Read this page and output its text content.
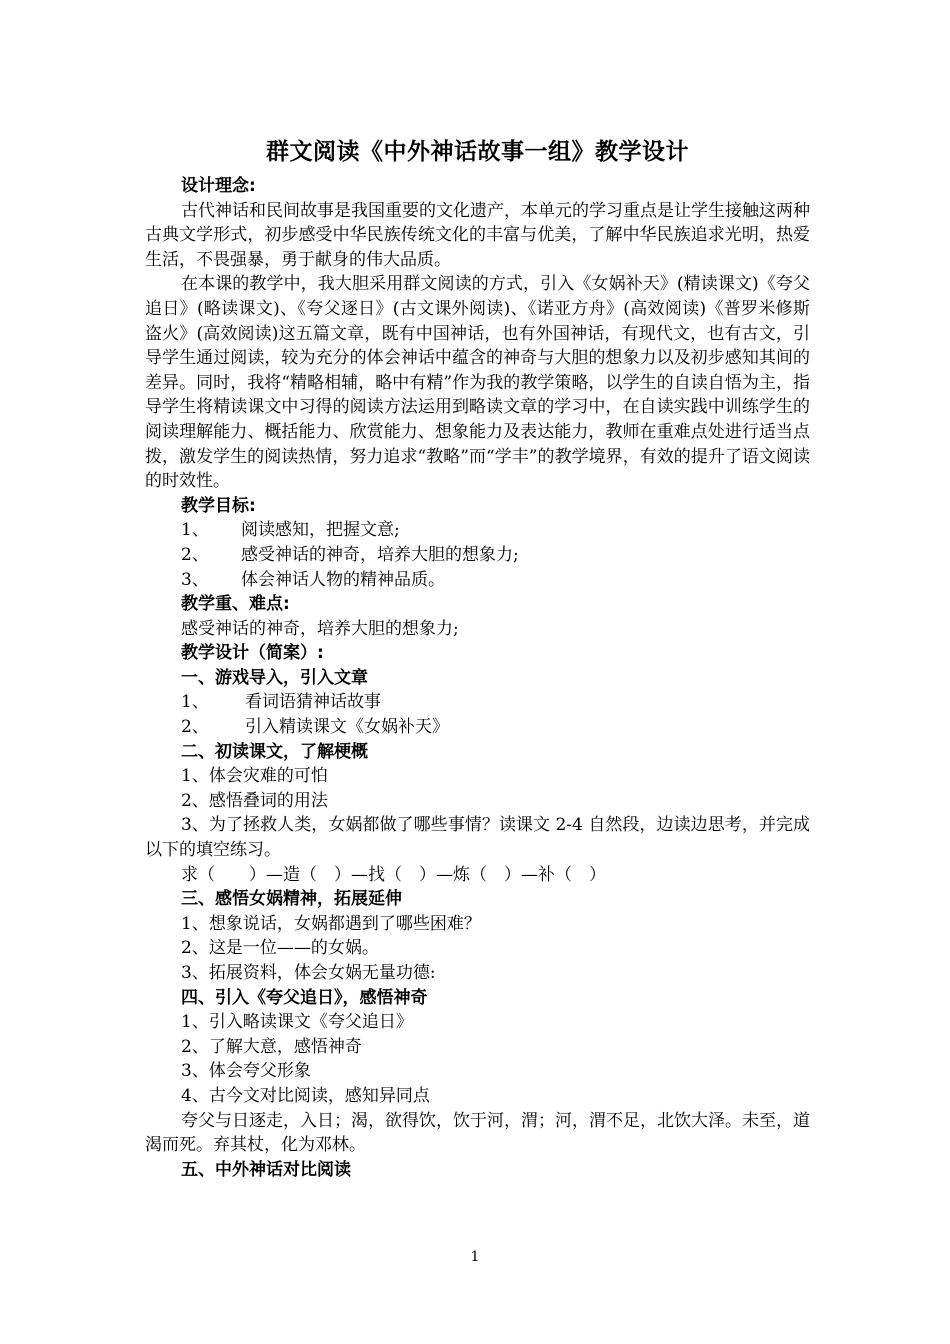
群文阅读《中外神话故事一组》教学设计
设计理念:

古代神话和民间故事是我国重要的文化遗产，本单元的学习重点是让学生接触这两种古典文学形式，初步感受中华民族传统文化的丰富与优美，了解中华民族追求光明，热爱生活，不畏强暴，勇于献身的伟大品质。

在本课的教学中，我大胆采用群文阅读的方式，引入《女娲补天》(精读课文)《夸父追日》(略读课文)、《夸父逐日》(古文课外阅读)、《诺亚方舟》(高效阅读)《普罗米修斯盗火》(高效阅读)这五篇文章，既有中国神话，也有外国神话，有现代文，也有古文，引导学生通过阅读，较为充分的体会神话中蕴含的神奇与大胆的想象力以及初步感知其间的差异。同时，我将“精略相辅，略中有精”作为我的教学策略，以学生的自读自悟为主，指导学生将精读课文中习得的阅读方法运用到略读文章的学习中，在自读实践中训练学生的阅读理解能力、概括能力、欣赏能力、想象能力及表达能力，教师在重难点处进行适当点拨，激发学生的阅读热情，努力追求“教略”而“学丰”的教学境界，有效的提升了语文阅读的时效性。

教学目标:
1、	阅读感知，把握文意;
2、	感受神话的神奇，培养大胆的想象力;
3、	体会神话人物的精神品质。
教学重、难点:

感受神话的神奇，培养大胆的想象力;

教学设计（简案）:
一、游戏导入，引入文章
1、	看词语猜神话故事
2、	引入精读课文《女娲补天》
二、初读课文，了解梗概

1、体会灾难的可怕

2、感悟叠词的用法

3、为了拯救人类，女娲都做了哪些事情？读课文 2-4 自然段，边读边思考，并完成以下的填空练习。

求（　　）—造（　）—找（　）—炼（　）—补（　）

三、感悟女娲精神，拓展延伸

1、想象说话，女娲都遇到了哪些困难？

2、这是一位——的女娲。

3、拓展资料，体会女娲无量功德:

四、引入《夸父追日》，感悟神奇

1、引入略读课文《夸父追日》

2、了解大意，感悟神奇

3、体会夸父形象

4、古今文对比阅读，感知异同点

夸父与日逐走，入日；渴，欲得饮，饮于河，渭；河，渭不足，北饮大泽。未至，道渴而死。弃其杖，化为邓林。

五、中外神话对比阅读
1
